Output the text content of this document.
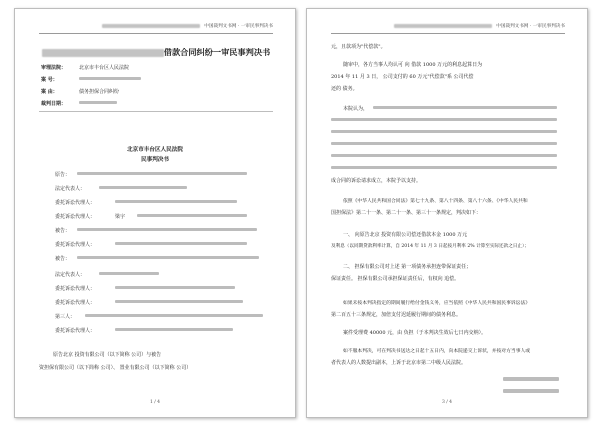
中国裁判文书网 · 一审民事判决书
借款合同纠纷一审民事判决书
审理法院：	北京市丰台区人民法院
案 号：
案 由：	债务担保合同纠纷
裁判日期：
北京市丰台区人民法院
民事判决书
原告：
法定代表人：
委托诉讼代理人：
委托诉讼代理人：	梁宇
被告：
委托诉讼代理人：
被告：
法定代表人：
委托诉讼代理人：
委托诉讼代理人：
第三人：
委托诉讼代理人：
原告北京 投资有限公司（以下简称 公司）与被告
资担保有限公司（以下简称 公司）、 置业有限公司（以下简称 公司）
1 / 4
中国裁判文书网 · 一审民事判决书
元，且款项为"代偿款"。
随审中，各方当事人均认可 向 借款 1000 万元的利息起算日为
2014 年 11 月 3 日， 公司支付的 60 万元"代偿款"系 公司代偿
还的 债务。
本院认为，
成合同的诉讼请求成立，本院予以支持。
依照《中华人民共和国合同法》第七十九条、第八十四条、第八十六条、《中华人民共和
国担保法》第二十一条、第二十一条、第三十一条规定，判决如下：
一、 向原告北京 投资有限公司偿还借款本金 1000 万元
及利息（以同期贷款利率计算，自 2014 年 11 月 3 日起按月利率 2% 计算至实际还款之日止）；
二、 担保有限公司对上述 第一项债务承担连带保证责任；
保证责任。 担保有限公司承担保证责任后，有权向 追偿。
如果未按本判决指定的期间履行给付金钱义务，应当依照《中华人民共和国民事诉讼法》
第二百五十三条规定，加倍支付迟延履行期间的债务利息。
案件受理费 40000 元，由 负担（于本判决生效后七日内交纳）。
如不服本判决，可在判决书送达之日起十五日内，向本院递交上诉状，并按对方当事人或
者代表人的人数提出副本，上诉于北京市第二中级人民法院。
3 / 4
